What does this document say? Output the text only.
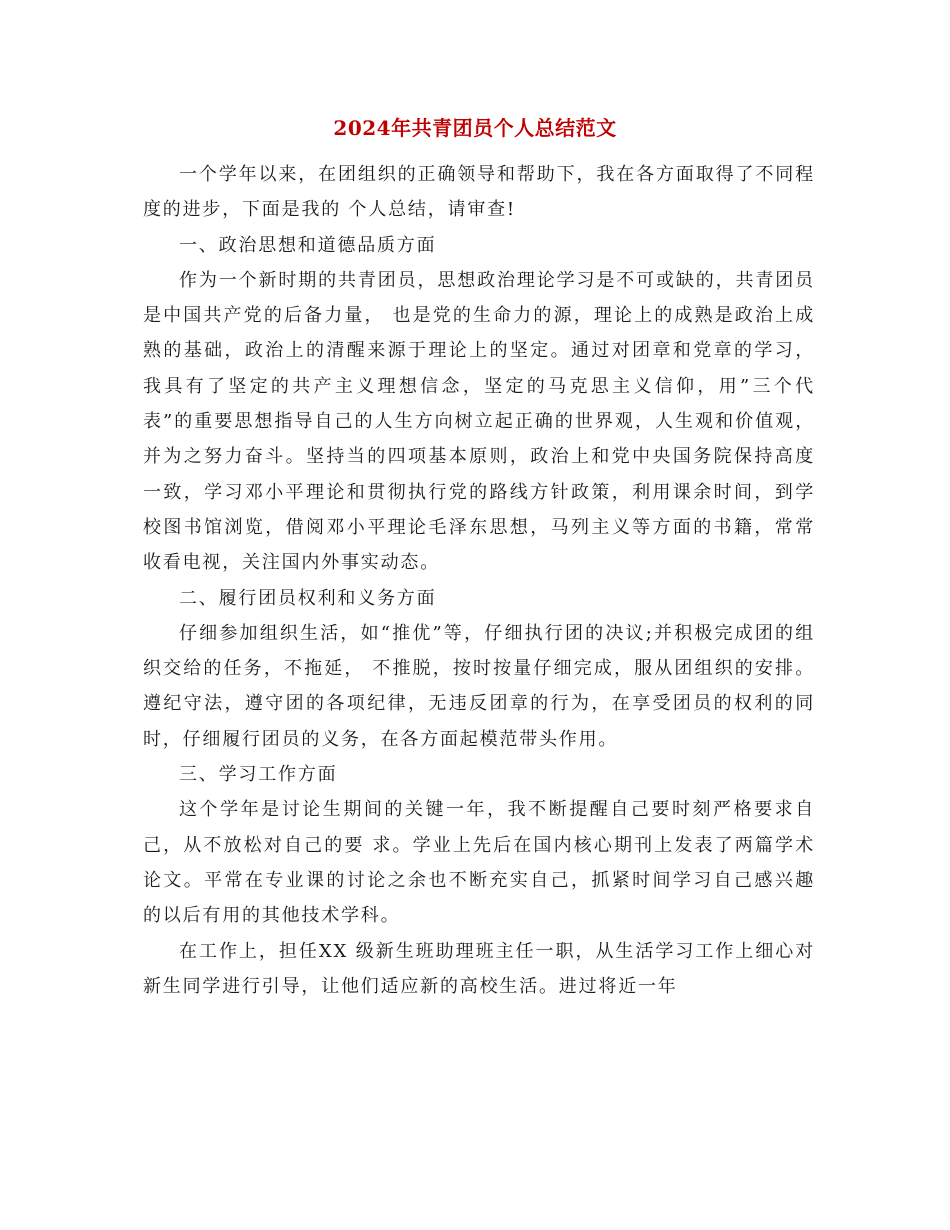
2024年共青团员个人总结范文

一个学年以来，在团组织的正确领导和帮助下，我在各方面取得了不同程度的进步，下面是我的 个人总结，请审查!

一、政治思想和道德品质方面

作为一个新时期的共青团员，思想政治理论学习是不可或缺的，共青团员是中国共产党的后备力量， 也是党的生命力的源，理论上的成熟是政治上成熟的基础，政治上的清醒来源于理论上的坚定。通过对团章和党章的学习，我具有了坚定的共产主义理想信念，坚定的马克思主义信仰，用”三个代表”的重要思想指导自己的人生方向树立起正确的世界观，人生观和价值观，并为之努力奋斗。坚持当的四项基本原则，政治上和党中央国务院保持高度一致，学习邓小平理论和贯彻执行党的路线方针政策，利用课余时间，到学校图书馆浏览，借阅邓小平理论毛泽东思想，马列主义等方面的书籍，常常收看电视，关注国内外事实动态。

二、履行团员权利和义务方面

仔细参加组织生活，如“推优”等，仔细执行团的决议;并积极完成团的组织交给的任务，不拖延， 不推脱，按时按量仔细完成，服从团组织的安排。遵纪守法，遵守团的各项纪律，无违反团章的行为，在享受团员的权利的同时，仔细履行团员的义务，在各方面起模范带头作用。

三、学习工作方面

这个学年是讨论生期间的关键一年，我不断提醒自己要时刻严格要求自己，从不放松对自己的要 求。学业上先后在国内核心期刊上发表了两篇学术论文。平常在专业课的讨论之余也不断充实自己，抓紧时间学习自己感兴趣的以后有用的其他技术学科。

在工作上，担任XX 级新生班助理班主任一职，从生活学习工作上细心对新生同学进行引导，让他们适应新的高校生活。进过将近一年
